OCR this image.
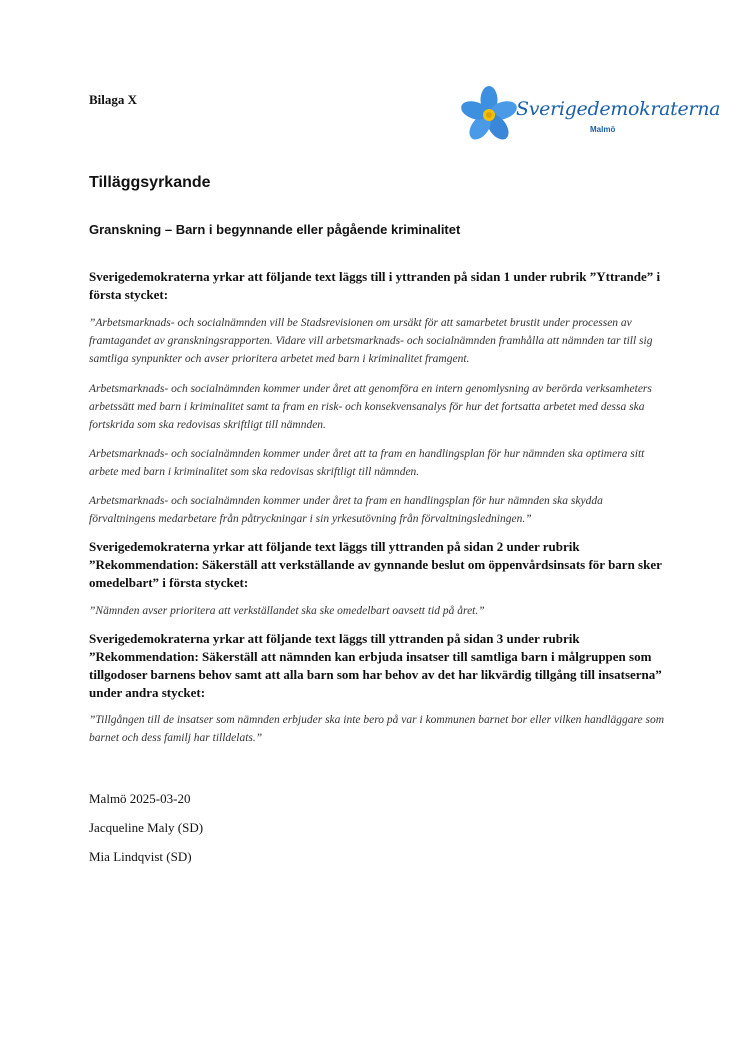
Bilaga X	Sverigedemokraterna
Malmö
Tilläggsyrkande
Granskning – Barn i begynnande eller pågående kriminalitet

Sverigedemokraterna yrkar att följande text läggs till i yttranden på sidan 1 under rubrik ”Yttrande” i första stycket:

”Arbetsmarknads- och socialnämnden vill be Stadsrevisionen om ursäkt för att samarbetet brustit under processen av framtagandet av granskningsrapporten. Vidare vill arbetsmarknads- och socialnämnden framhålla att nämnden tar till sig samtliga synpunkter och avser prioritera arbetet med barn i kriminalitet framgent.

Arbetsmarknads- och socialnämnden kommer under året att genomföra en intern genomlysning av berörda verksamheters arbetssätt med barn i kriminalitet samt ta fram en risk- och konsekvensanalys för hur det fortsatta arbetet med dessa ska fortskrida som ska redovisas skriftligt till nämnden.

Arbetsmarknads- och socialnämnden kommer under året att ta fram en handlingsplan för hur nämnden ska optimera sitt arbete med barn i kriminalitet som ska redovisas skriftligt till nämnden.

Arbetsmarknads- och socialnämnden kommer under året ta fram en handlingsplan för hur nämnden ska skydda förvaltningens medarbetare från påtryckningar i sin yrkesutövning från förvaltningsledningen.”

Sverigedemokraterna yrkar att följande text läggs till yttranden på sidan 2 under rubrik ”Rekommendation: Säkerställ att verkställande av gynnande beslut om öppenvårdsinsats för barn sker omedelbart” i första stycket:

”Nämnden avser prioritera att verkställandet ska ske omedelbart oavsett tid på året.”

Sverigedemokraterna yrkar att följande text läggs till yttranden på sidan 3 under rubrik ”Rekommendation: Säkerställ att nämnden kan erbjuda insatser till samtliga barn i målgruppen som tillgodoser barnens behov samt att alla barn som har behov av det har likvärdig tillgång till insatserna” under andra stycket:

”Tillgången till de insatser som nämnden erbjuder ska inte bero på var i kommunen barnet bor eller vilken handläggare som barnet och dess familj har tilldelats.”

Malmö 2025-03-20
Jacqueline Maly (SD)
Mia Lindqvist (SD)
